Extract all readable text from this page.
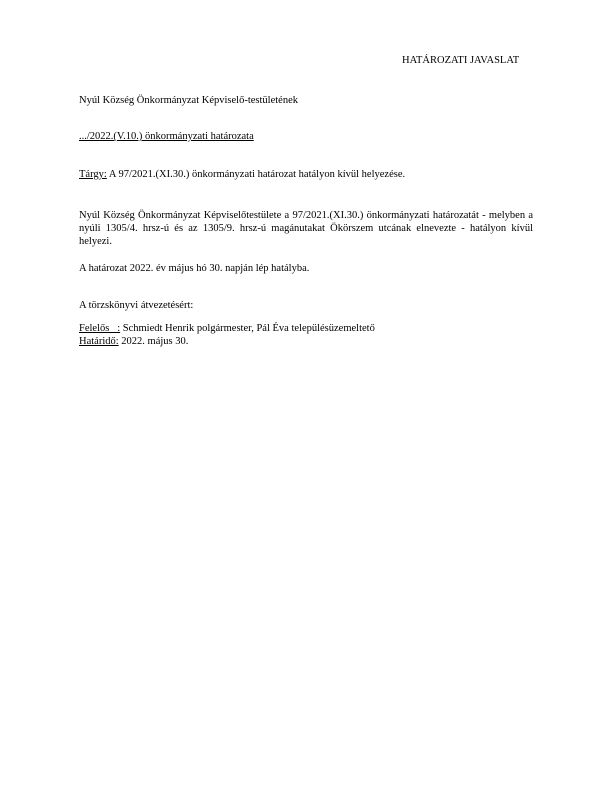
HATÁROZATI JAVASLAT
Nyúl Község Önkormányzat Képviselő-testületének
.../2022.(V.10.) önkormányzati határozata
Tárgy: A 97/2021.(XI.30.) önkormányzati határozat hatályon kívül helyezése.
Nyúl Község Önkormányzat Képviselőtestülete a 97/2021.(XI.30.) önkormányzati határozatát - melyben a nyúli 1305/4. hrsz-ú és az 1305/9. hrsz-ú magánutakat Ökörszem utcának elnevezte - hatályon kívül helyezi.
A határozat 2022. év május hó 30. napján lép hatályba.
A törzskönyvi átvezetésért:
Felelős   : Schmiedt Henrik polgármester, Pál Éva településüzemeltető
Határidő: 2022. május 30.
